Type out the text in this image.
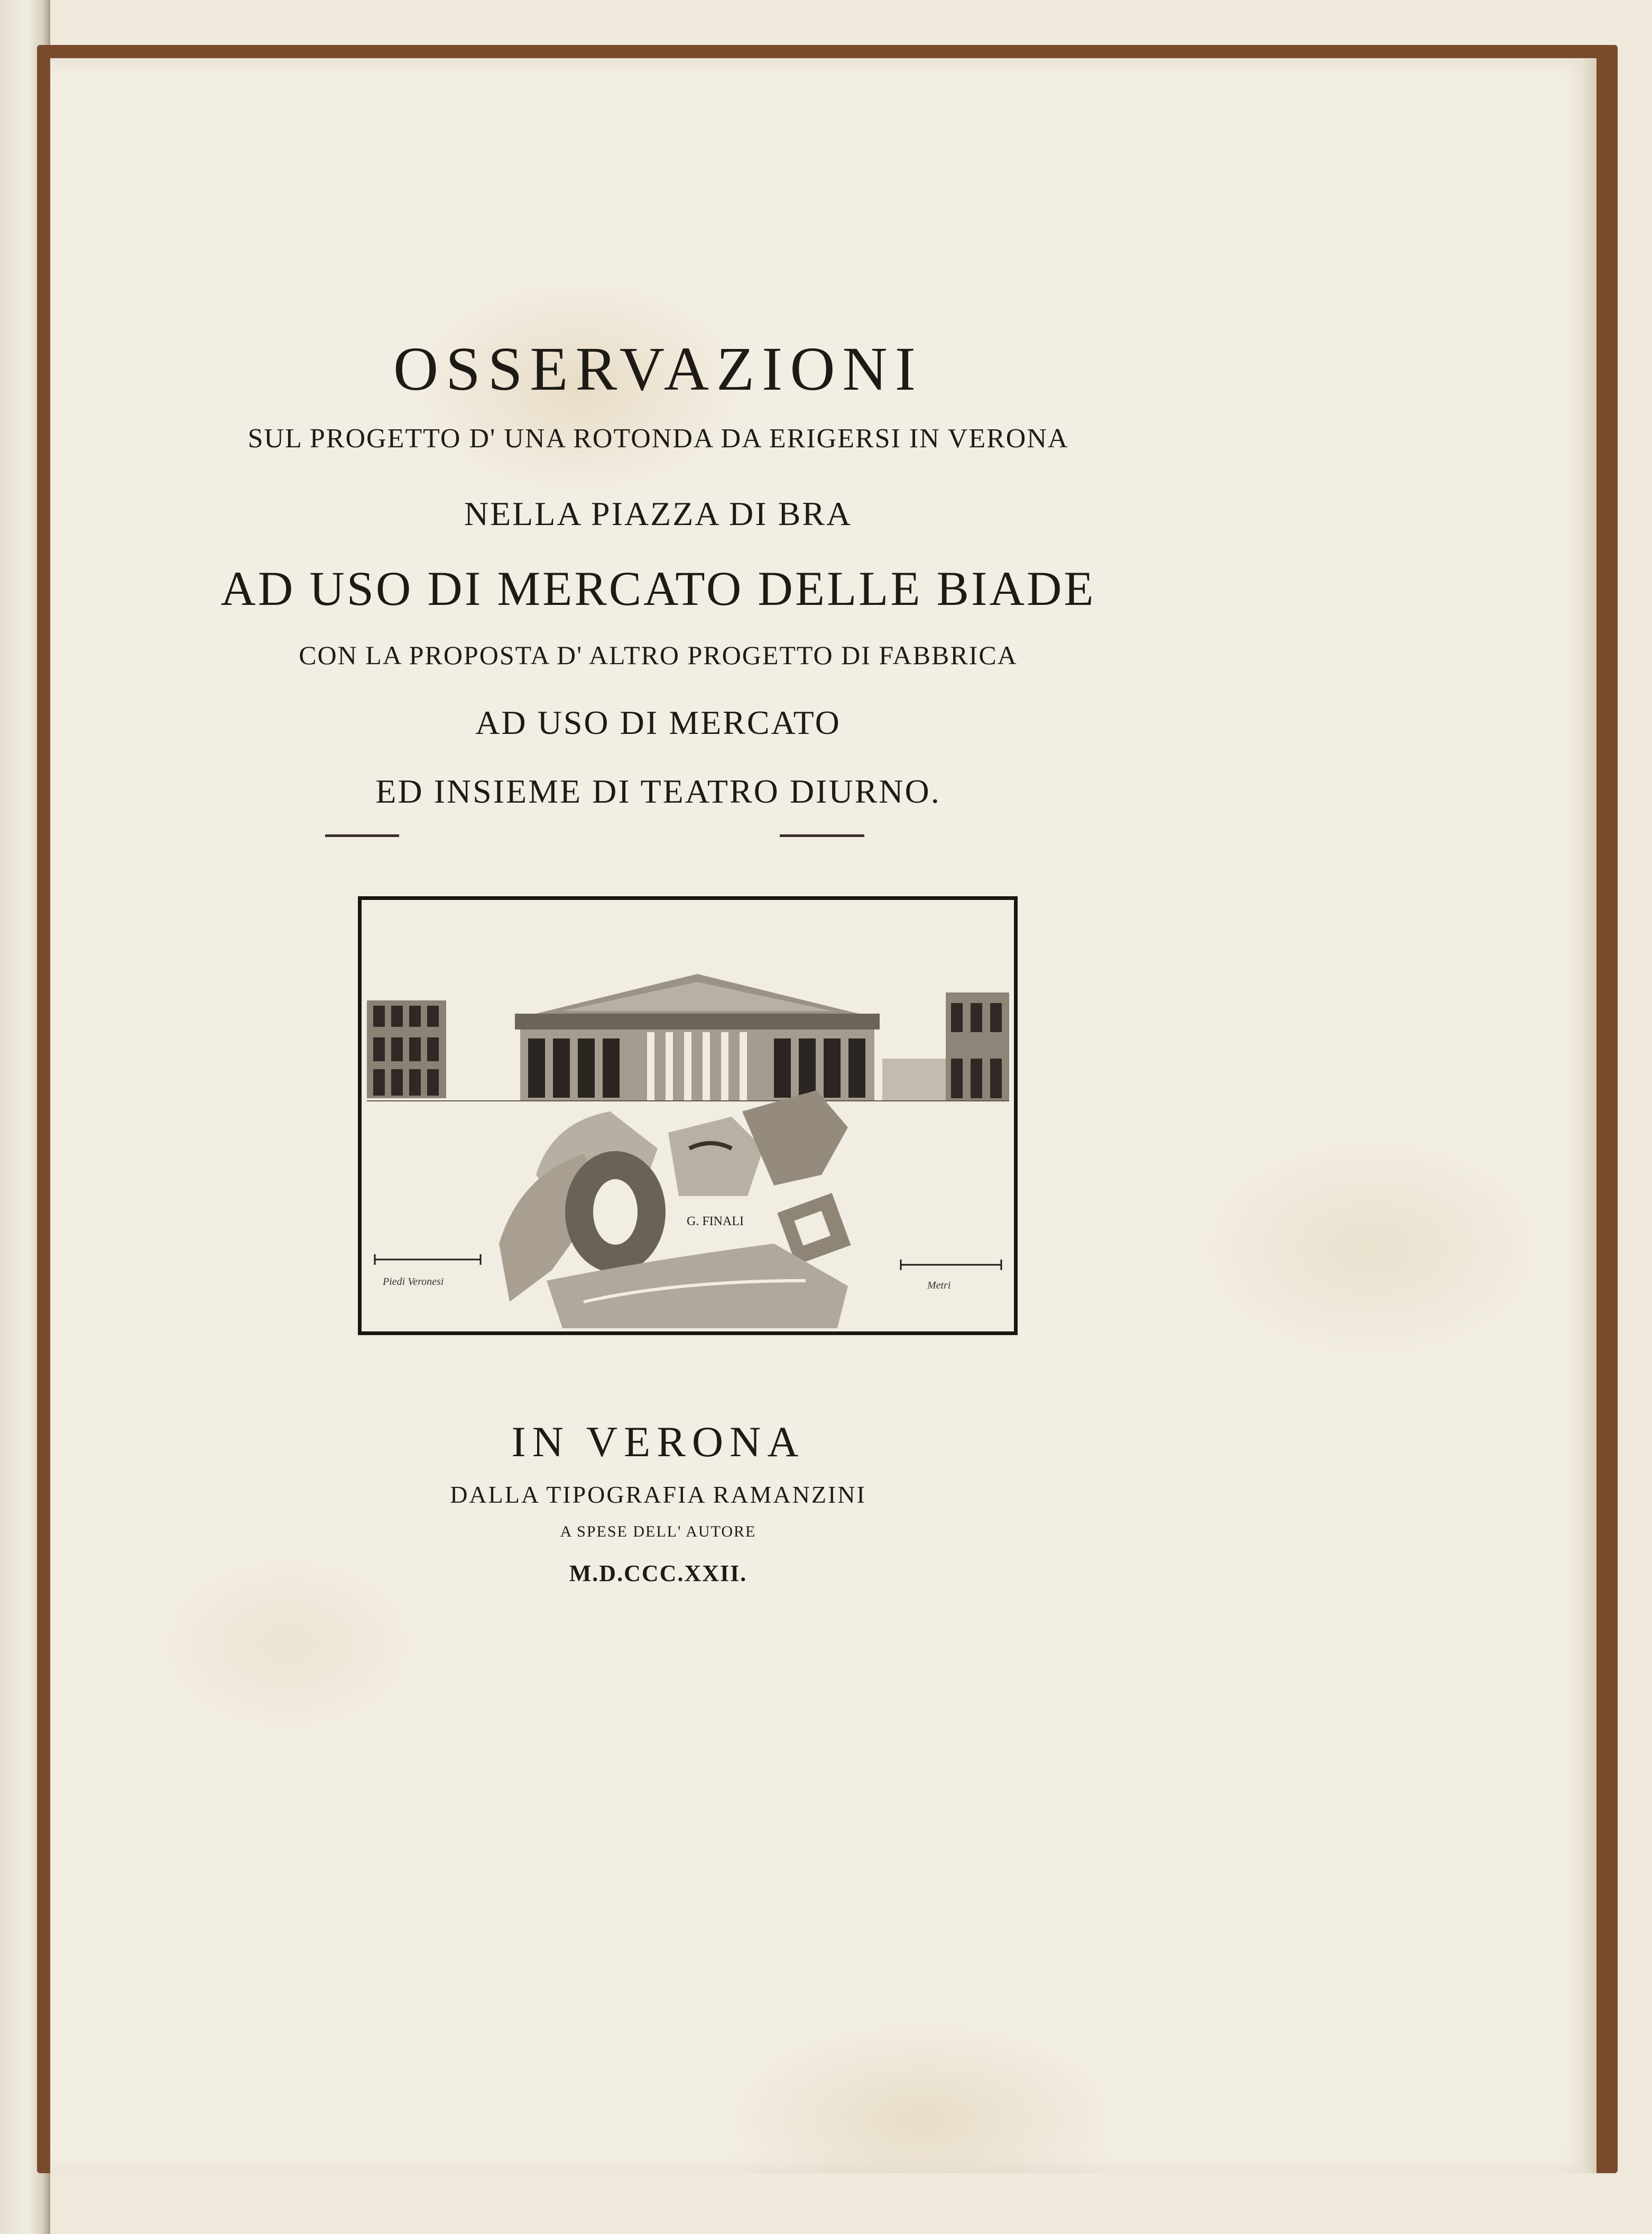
OSSERVAZIONI
SUL PROGETTO D' UNA ROTONDA DA ERIGERSI IN VERONA
NELLA PIAZZA DI BRA
AD USO DI MERCATO DELLE BIADE
CON LA PROPOSTA D' ALTRO PROGETTO DI FABBRICA
AD USO DI MERCATO
ED INSIEME DI TEATRO DIURNO.
G. FINALI
Piedi Veronesi	Metri
IN VERONA
DALLA TIPOGRAFIA RAMANZINI
A SPESE DELL' AUTORE
M.D.CCC.XXII.
